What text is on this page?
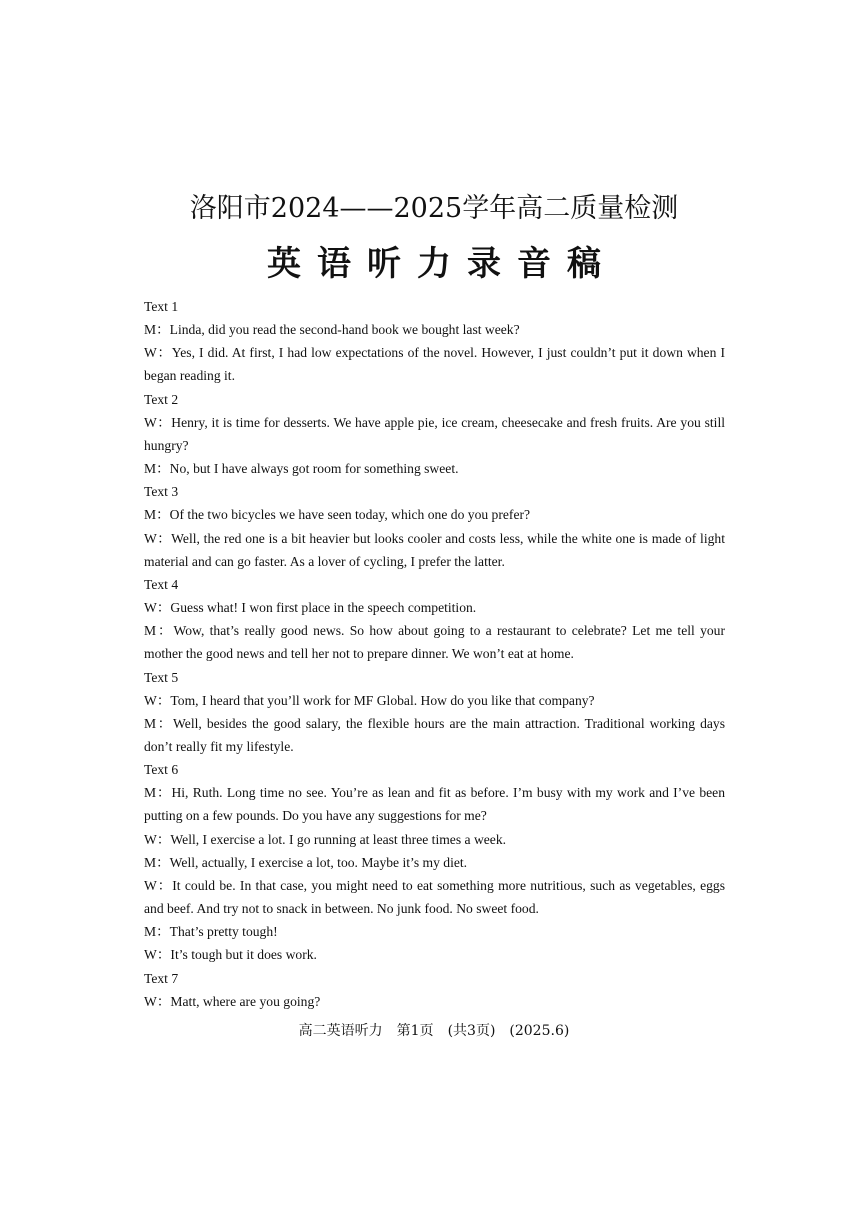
洛阳市2024——2025学年高二质量检测
英语听力录音稿

Text 1

M：Linda, did you read the second-hand book we bought last week?

W：Yes, I did. At first, I had low expectations of the novel. However, I just couldn’t put it down when I began reading it.

Text 2

W：Henry, it is time for desserts. We have apple pie, ice cream, cheesecake and fresh fruits. Are you still hungry?

M：No, but I have always got room for something sweet.

Text 3

M：Of the two bicycles we have seen today, which one do you prefer?

W：Well, the red one is a bit heavier but looks cooler and costs less, while the white one is made of light material and can go faster. As a lover of cycling, I prefer the latter.

Text 4

W：Guess what! I won first place in the speech competition.

M：Wow, that’s really good news. So how about going to a restaurant to celebrate? Let me tell your mother the good news and tell her not to prepare dinner. We won’t eat at home.

Text 5

W：Tom, I heard that you’ll work for MF Global. How do you like that company?

M：Well, besides the good salary, the flexible hours are the main attraction. Traditional working days don’t really fit my lifestyle.

Text 6

M：Hi, Ruth. Long time no see. You’re as lean and fit as before. I’m busy with my work and I’ve been putting on a few pounds. Do you have any suggestions for me?

W：Well, I exercise a lot. I go running at least three times a week.

M：Well, actually, I exercise a lot, too. Maybe it’s my diet.

W：It could be. In that case, you might need to eat something more nutritious, such as vegetables, eggs and beef. And try not to snack in between. No junk food. No sweet food.

M：That’s pretty tough!

W：It’s tough but it does work.

Text 7

W：Matt, where are you going?

高二英语听力　第1页　(共3页)　(2025.6)
